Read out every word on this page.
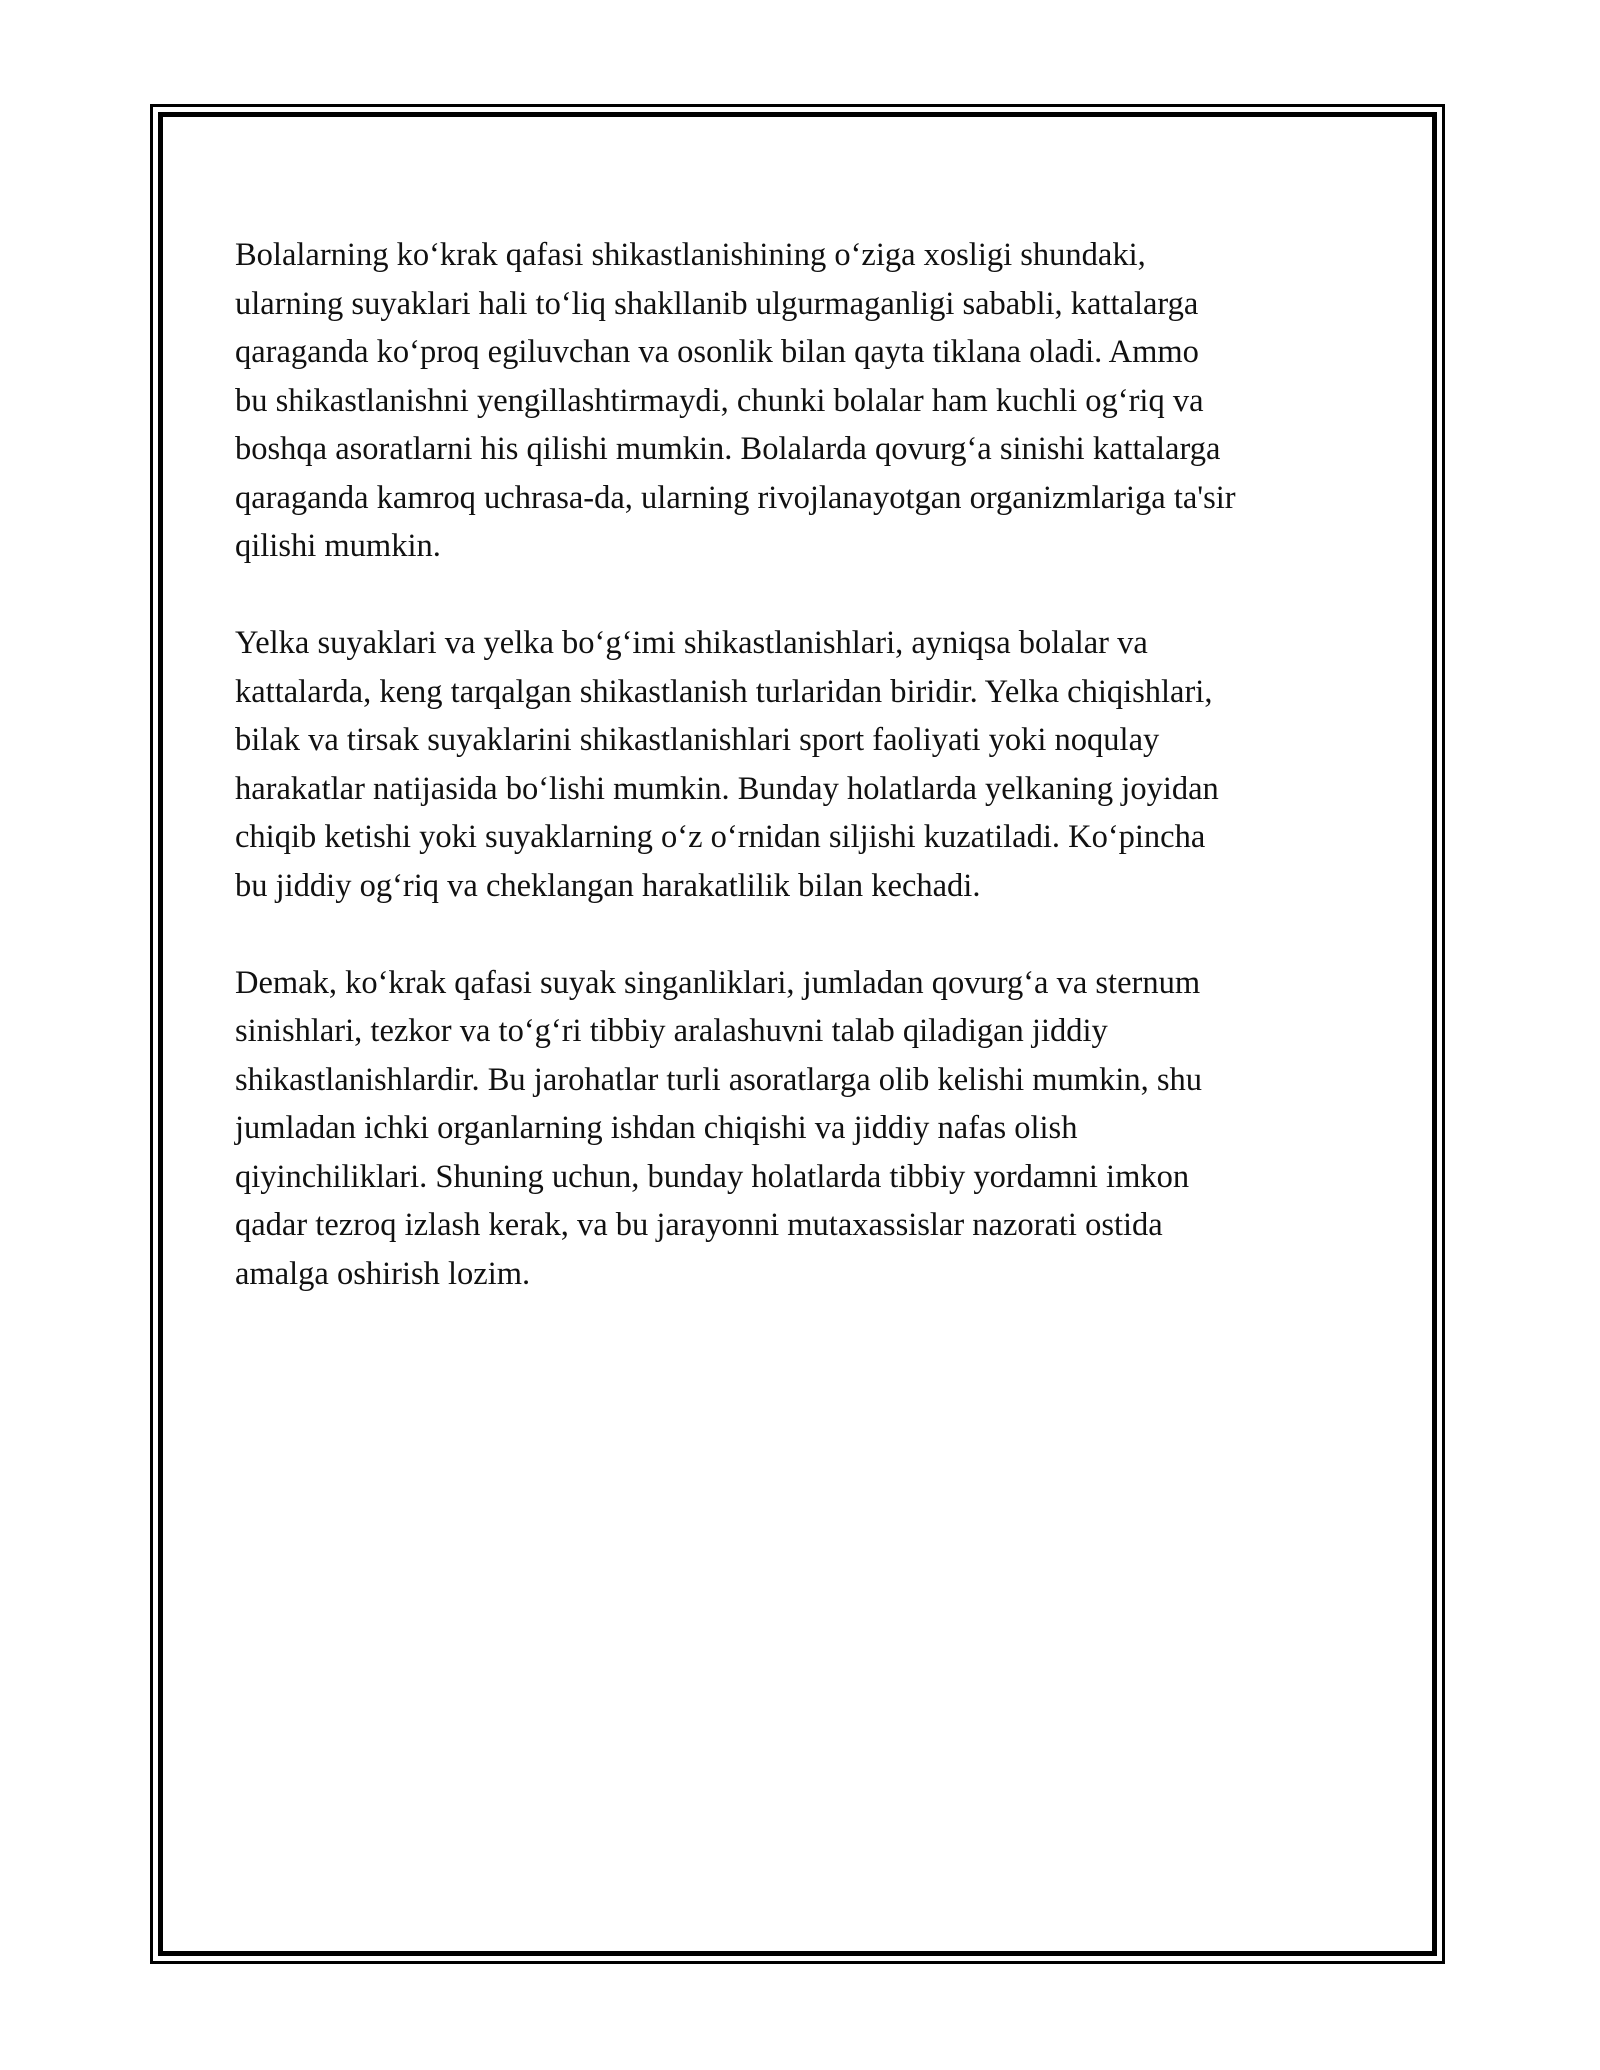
Bolalarning ko‘krak qafasi shikastlanishining o‘ziga xosligi shundaki,
ularning suyaklari hali to‘liq shakllanib ulgurmaganligi sababli, kattalarga
qaraganda ko‘proq egiluvchan va osonlik bilan qayta tiklana oladi. Ammo
bu shikastlanishni yengillashtirmaydi, chunki bolalar ham kuchli og‘riq va
boshqa asoratlarni his qilishi mumkin. Bolalarda qovurg‘a sinishi kattalarga
qaraganda kamroq uchrasa-da, ularning rivojlanayotgan organizmlariga ta'sir
qilishi mumkin.

Yelka suyaklari va yelka bo‘g‘imi shikastlanishlari, ayniqsa bolalar va
kattalarda, keng tarqalgan shikastlanish turlaridan biridir. Yelka chiqishlari,
bilak va tirsak suyaklarini shikastlanishlari sport faoliyati yoki noqulay
harakatlar natijasida bo‘lishi mumkin. Bunday holatlarda yelkaning joyidan
chiqib ketishi yoki suyaklarning o‘z o‘rnidan siljishi kuzatiladi. Ko‘pincha
bu jiddiy og‘riq va cheklangan harakatlilik bilan kechadi.

Demak, ko‘krak qafasi suyak singanliklari, jumladan qovurg‘a va sternum
sinishlari, tezkor va to‘g‘ri tibbiy aralashuvni talab qiladigan jiddiy
shikastlanishlardir. Bu jarohatlar turli asoratlarga olib kelishi mumkin, shu
jumladan ichki organlarning ishdan chiqishi va jiddiy nafas olish
qiyinchiliklari. Shuning uchun, bunday holatlarda tibbiy yordamni imkon
qadar tezroq izlash kerak, va bu jarayonni mutaxassislar nazorati ostida
amalga oshirish lozim.
